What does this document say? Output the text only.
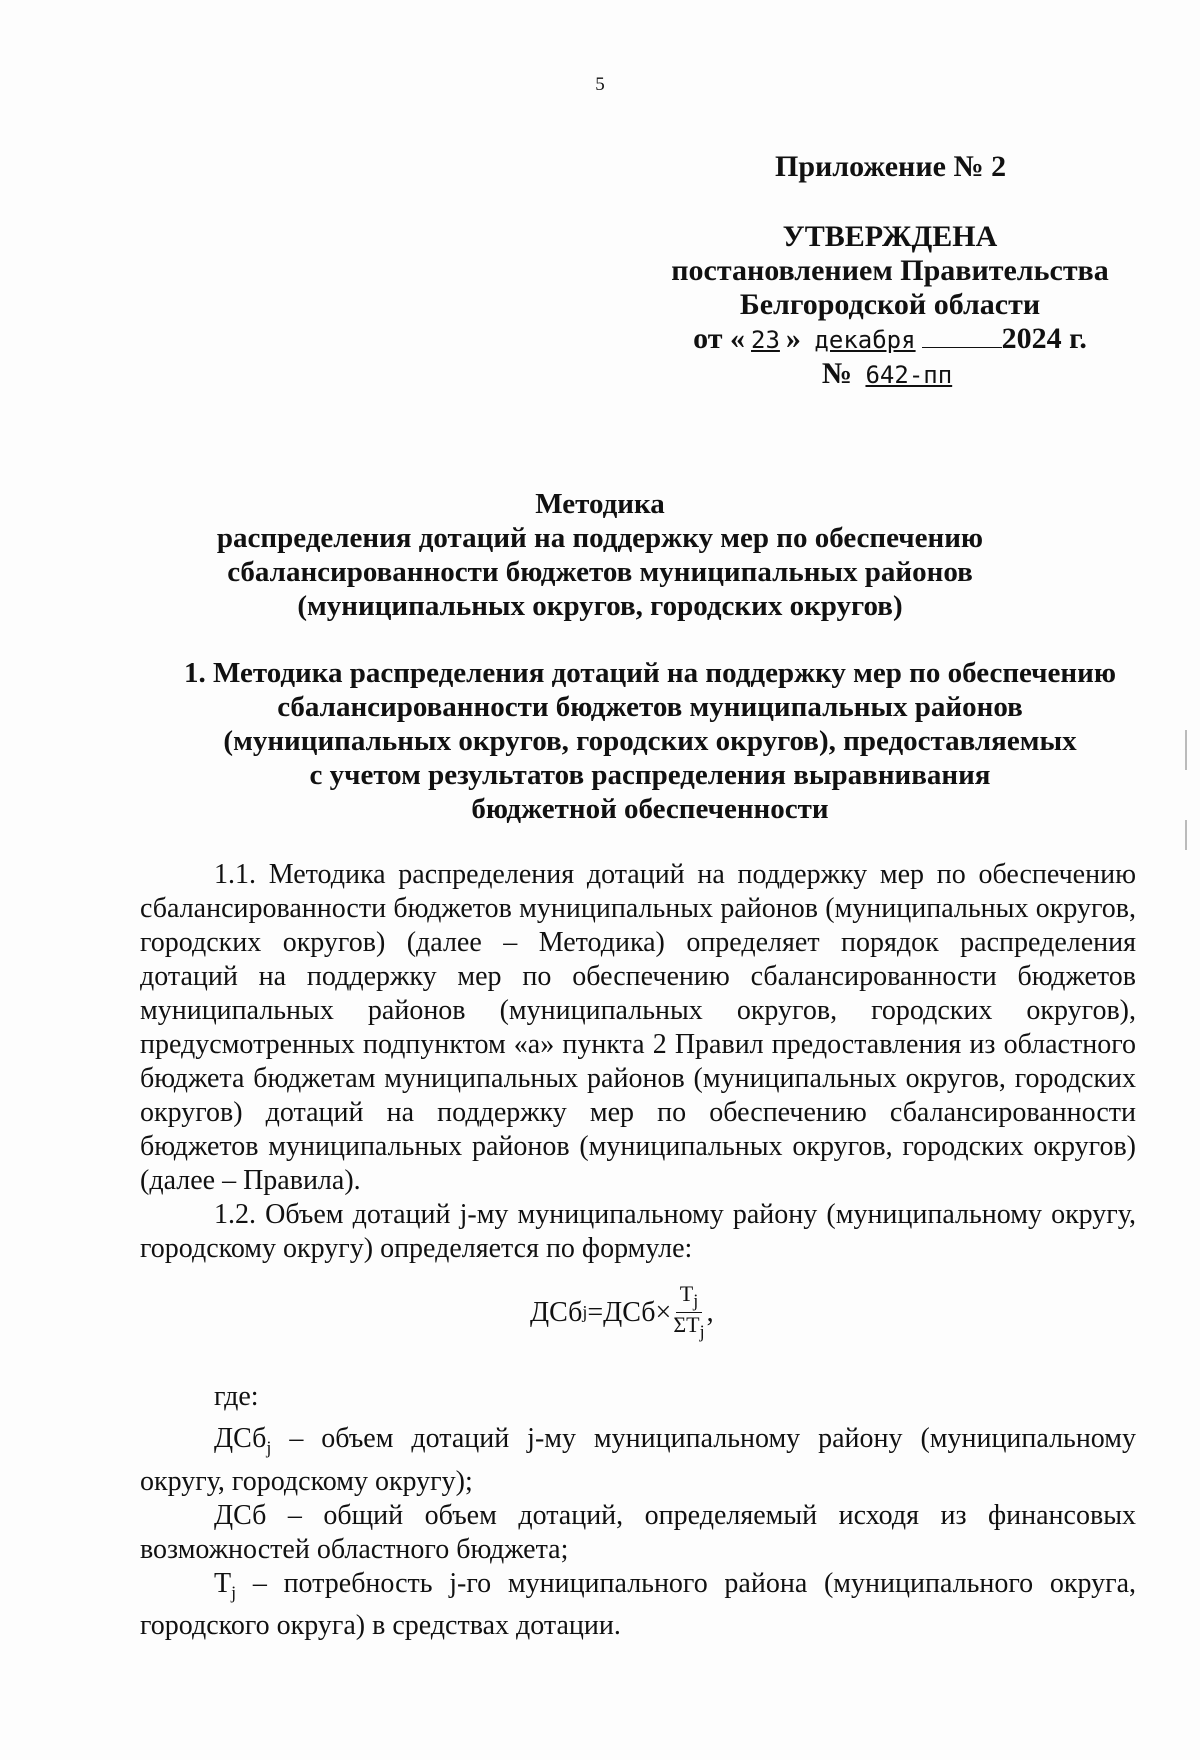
5
Приложение № 2
УТВЕРЖДЕНА
постановлением Правительства
Белгородской области
от « 23 » декабря	2024 г.
№ 642-пп
Методика
распределения дотаций на поддержку мер по обеспечению
сбалансированности бюджетов муниципальных районов
(муниципальных округов, городских округов)
1. Методика распределения дотаций на поддержку мер по обеспечению
сбалансированности бюджетов муниципальных районов
(муниципальных округов, городских округов), предоставляемых
с учетом результатов распределения выравнивания
бюджетной обеспеченности

1.1. Методика распределения дотаций на поддержку мер по обеспечению сбалансированности бюджетов муниципальных районов (муниципальных округов, городских округов) (далее – Методика) определяет порядок распределения дотаций на поддержку мер по обеспечению сбалансированности бюджетов муниципальных районов (муниципальных округов, городских округов), предусмотренных подпунктом «а» пункта 2 Правил предоставления из областного бюджета бюджетам муниципальных районов (муниципальных округов, городских округов) дотаций на поддержку мер по обеспечению сбалансированности бюджетов муниципальных районов (муниципальных округов, городских округов) (далее – Правила).

1.2. Объем дотаций j-му муниципальному району (муниципальному округу, городскому округу) определяется по формуле:

ДСб $j =ДСб\times \frac{T_j}{\Sigma T_j}$ ,

где:

ДСб$_j$ – объем дотаций j-му муниципальному району (муниципальному округу, городскому округу);

ДСб – общий объем дотаций, определяемый исходя из финансовых возможностей областного бюджета;

$T_j$ – потребность j-го муниципального района (муниципального округа, городского округа) в средствах дотации.
